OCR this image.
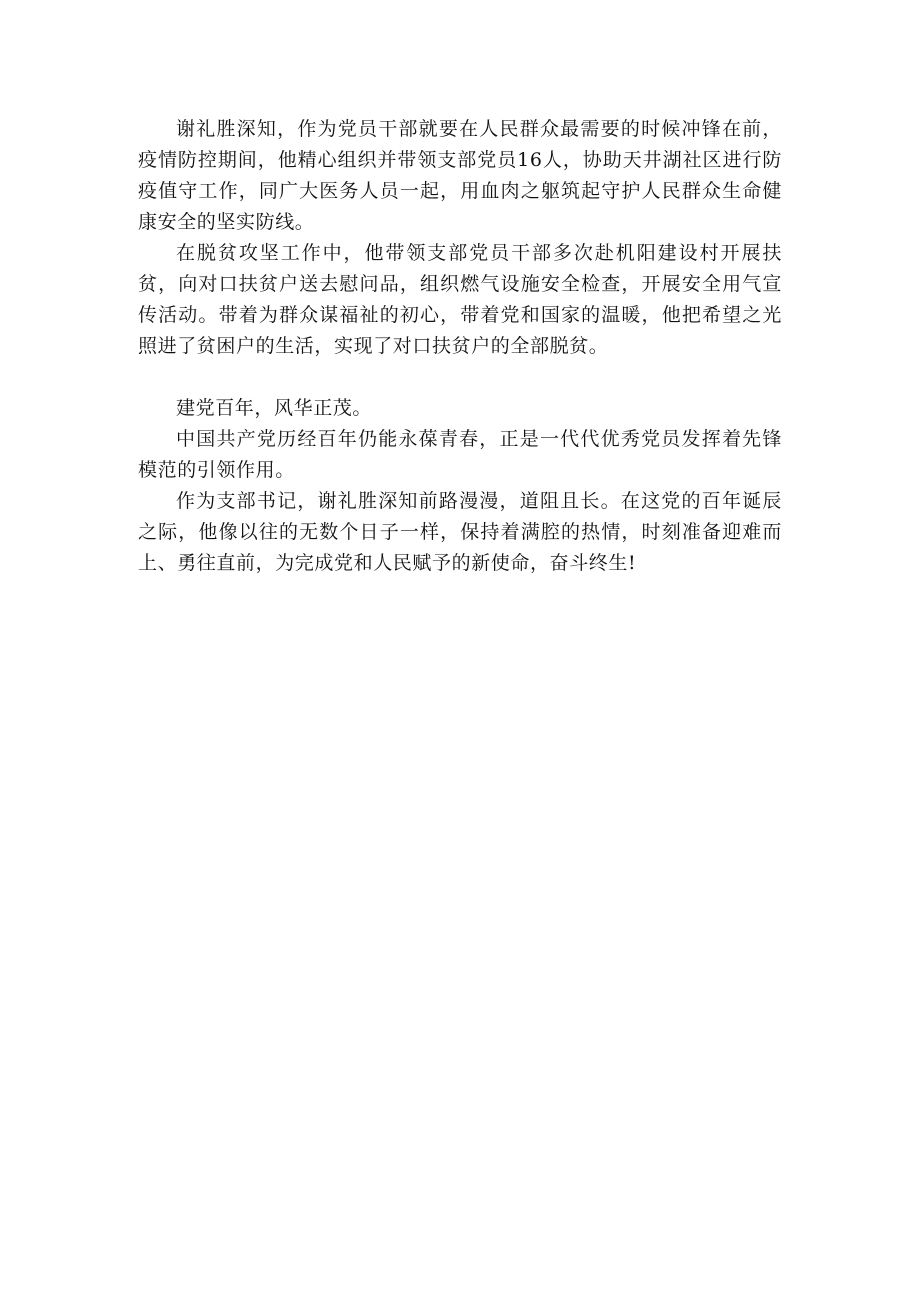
谢礼胜深知，作为党员干部就要在人民群众最需要的时候冲锋在前，疫情防控期间，他精心组织并带领支部党员16人，协助天井湖社区进行防疫值守工作，同广大医务人员一起，用血肉之躯筑起守护人民群众生命健康安全的坚实防线。

在脱贫攻坚工作中，他带领支部党员干部多次赴机阳建设村开展扶贫，向对口扶贫户送去慰问品，组织燃气设施安全检查，开展安全用气宣传活动。带着为群众谋福祉的初心，带着党和国家的温暖，他把希望之光照进了贫困户的生活，实现了对口扶贫户的全部脱贫。

建党百年，风华正茂。

中国共产党历经百年仍能永葆青春，正是一代代优秀党员发挥着先锋模范的引领作用。

作为支部书记，谢礼胜深知前路漫漫，道阻且长。在这党的百年诞辰之际，他像以往的无数个日子一样，保持着满腔的热情，时刻准备迎难而上、勇往直前，为完成党和人民赋予的新使命，奋斗终生!
